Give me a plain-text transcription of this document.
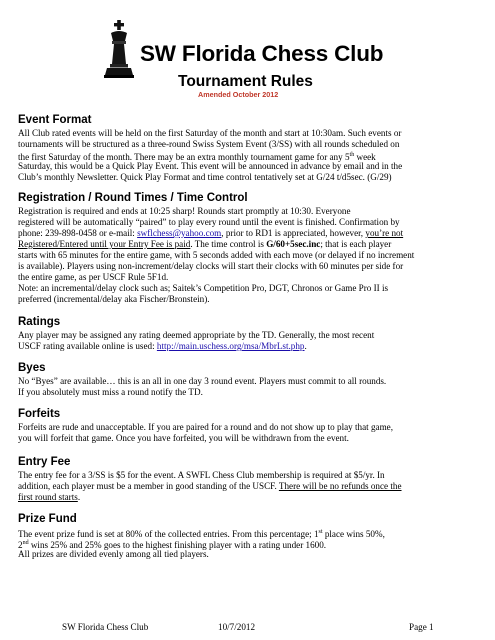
SW Florida Chess Club
Tournament Rules
Amended October 2012
Event Format
All Club rated events will be held on the first Saturday of the month and start at 10:30am. Such events or
tournaments will be structured as a three-round Swiss System Event (3/SS) with all rounds scheduled on
the first Saturday of the month. There may be an extra monthly tournament game for any 5th week
Saturday, this would be a Quick Play Event. This event will be announced in advance by email and in the
Club’s monthly Newsletter. Quick Play Format and time control tentatively set at G/24 t/d5sec. (G/29)
Registration / Round Times / Time Control
Registration is required and ends at 10:25 sharp! Rounds start promptly at 10:30. Everyone
registered will be automatically “paired” to play every round until the event is finished. Confirmation by
phone: 239-898-0458 or e-mail: swflchess@yahoo.com, prior to RD1 is appreciated, however, you’re not
Registered/Entered until your Entry Fee is paid. The time control is G/60+5sec.inc; that is each player
starts with 65 minutes for the entire game, with 5 seconds added with each move (or delayed if no increment
is available). Players using non-increment/delay clocks will start their clocks with 60 minutes per side for
the entire game, as per USCF Rule 5F1d.
Note: an incremental/delay clock such as; Saitek’s Competition Pro, DGT, Chronos or Game Pro II is
preferred (incremental/delay aka Fischer/Bronstein).
Ratings
Any player may be assigned any rating deemed appropriate by the TD. Generally, the most recent
USCF rating available online is used: http://main.uschess.org/msa/MbrLst.php.
Byes
No “Byes” are available… this is an all in one day 3 round event. Players must commit to all rounds.
If you absolutely must miss a round notify the TD.
Forfeits
Forfeits are rude and unacceptable. If you are paired for a round and do not show up to play that game,
you will forfeit that game. Once you have forfeited, you will be withdrawn from the event.
Entry Fee
The entry fee for a 3/SS is $5 for the event. A SWFL Chess Club membership is required at $5/yr. In
addition, each player must be a member in good standing of the USCF. There will be no refunds once the
first round starts.
Prize Fund
The event prize fund is set at 80% of the collected entries. From this percentage; 1st place wins 50%,
2nd wins 25% and 25% goes to the highest finishing player with a rating under 1600.
All prizes are divided evenly among all tied players.
SW Florida Chess Club	10/7/2012	Page 1
